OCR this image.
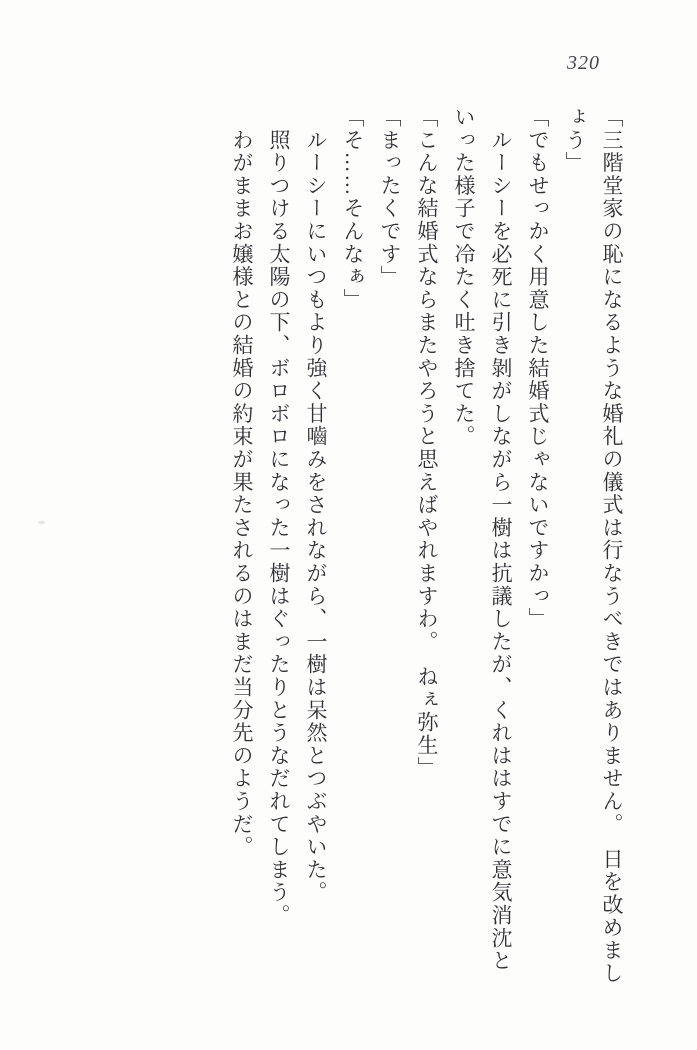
320

「三階堂家の恥になるような婚礼の儀式は行なうべきではありません。　日を改めまし

ょう」

「でもせっかく用意した結婚式じゃないですかっ」

　ルーシーを必死に引き剝がしながら一樹は抗議したが、くれははすでに意気消沈と

いった様子で冷たく吐き捨てた。

「こんな結婚式ならまたやろうと思えばやれますわ。　ねぇ弥生」

「まったくです」

「そ……そんなぁ」

　ルーシーにいつもより強く甘嚙みをされながら、一樹は呆然とつぶやいた。

　照りつける太陽の下、ボロボロになった一樹はぐったりとうなだれてしまう。

　わがままお嬢様との結婚の約束が果たされるのはまだ当分先のようだ。
